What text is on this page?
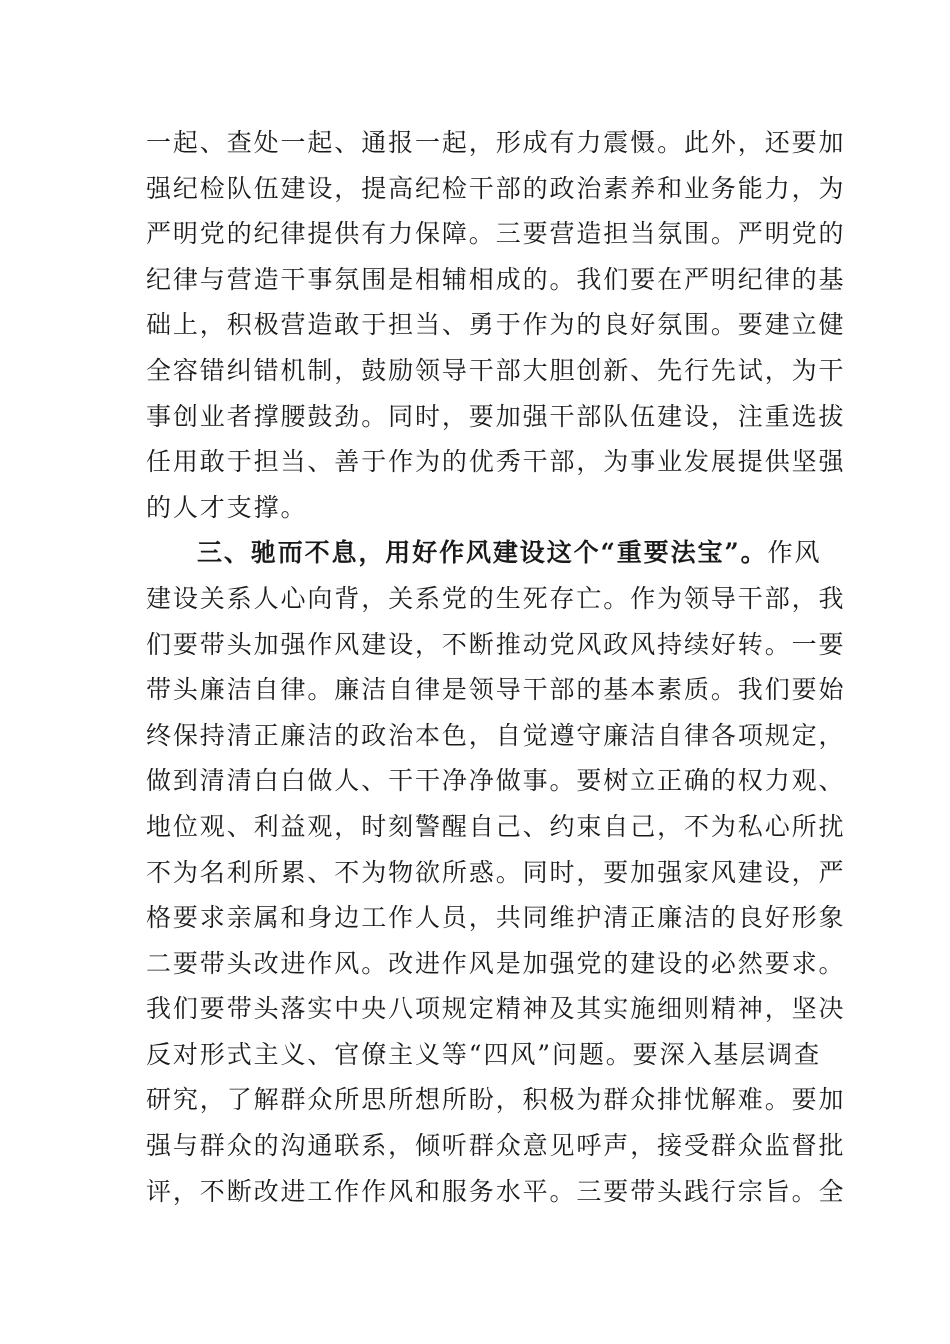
一起、查处一起、通报一起，形成有力震慑。此外，还要加
强纪检队伍建设，提高纪检干部的政治素养和业务能力，为
严明党的纪律提供有力保障。三要营造担当氛围。严明党的
纪律与营造干事氛围是相辅相成的。我们要在严明纪律的基
础上，积极营造敢于担当、勇于作为的良好氛围。要建立健
全容错纠错机制，鼓励领导干部大胆创新、先行先试，为干
事创业者撑腰鼓劲。同时，要加强干部队伍建设，注重选拔
任用敢于担当、善于作为的优秀干部，为事业发展提供坚强
的人才支撑。
三、驰而不息，用好作风建设这个“重要法宝”。作风
建设关系人心向背，关系党的生死存亡。作为领导干部，我
们要带头加强作风建设，不断推动党风政风持续好转。一要
带头廉洁自律。廉洁自律是领导干部的基本素质。我们要始
终保持清正廉洁的政治本色，自觉遵守廉洁自律各项规定，
做到清清白白做人、干干净净做事。要树立正确的权力观、
地位观、利益观，时刻警醒自己、约束自己，不为私心所扰
不为名利所累、不为物欲所惑。同时，要加强家风建设，严
格要求亲属和身边工作人员，共同维护清正廉洁的良好形象
二要带头改进作风。改进作风是加强党的建设的必然要求。
我们要带头落实中央八项规定精神及其实施细则精神，坚决
反对形式主义、官僚主义等“四风”问题。要深入基层调查
研究，了解群众所思所想所盼，积极为群众排忧解难。要加
强与群众的沟通联系，倾听群众意见呼声，接受群众监督批
评，不断改进工作作风和服务水平。三要带头践行宗旨。全
